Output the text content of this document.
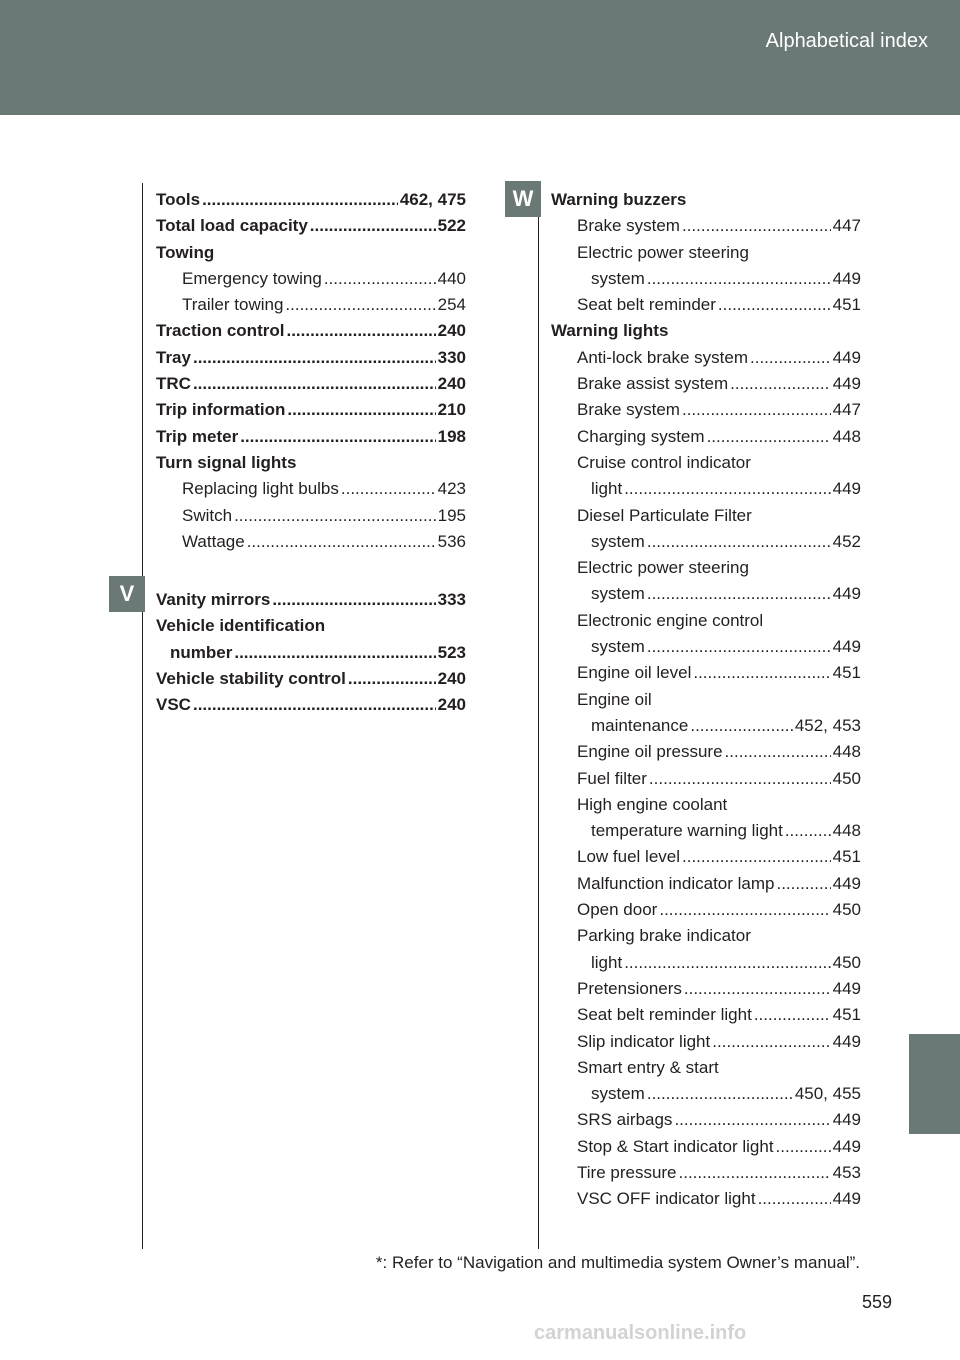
Alphabetical index
W
V
Tools .....	462, 475
Total load capacity .....	522
Towing
Emergency towing .....	440
Trailer towing .....	254
Traction control .....	240
Tray .....	330
TRC .....	240
Trip information .....	210
Trip meter .....	198
Turn signal lights
Replacing light bulbs .....	423
Switch .....	195
Wattage .....	536
Vanity mirrors .....	333
Vehicle identification
number .....	523
Vehicle stability control .....	240
VSC .....	240
Warning buzzers
Brake system .....	447
Electric power steering
system .....	449
Seat belt reminder .....	451
Warning lights
Anti-lock brake system .....	449
Brake assist system .....	449
Brake system .....	447
Charging system .....	448
Cruise control indicator
light .....	449
Diesel Particulate Filter
system .....	452
Electric power steering
system .....	449
Electronic engine control
system .....	449
Engine oil level .....	451
Engine oil
maintenance .....	452, 453
Engine oil pressure .....	448
Fuel filter .....	450
High engine coolant
temperature warning light .....	448
Low fuel level .....	451
Malfunction indicator lamp .....	449
Open door .....	450
Parking brake indicator
light .....	450
Pretensioners .....	449
Seat belt reminder light .....	451
Slip indicator light .....	449
Smart entry & start
system .....	450, 455
SRS airbags .....	449
Stop & Start indicator light .....	449
Tire pressure .....	453
VSC OFF indicator light .....	449
*: Refer to “Navigation and multimedia system Owner’s manual”.
559
carmanualsonline.info
